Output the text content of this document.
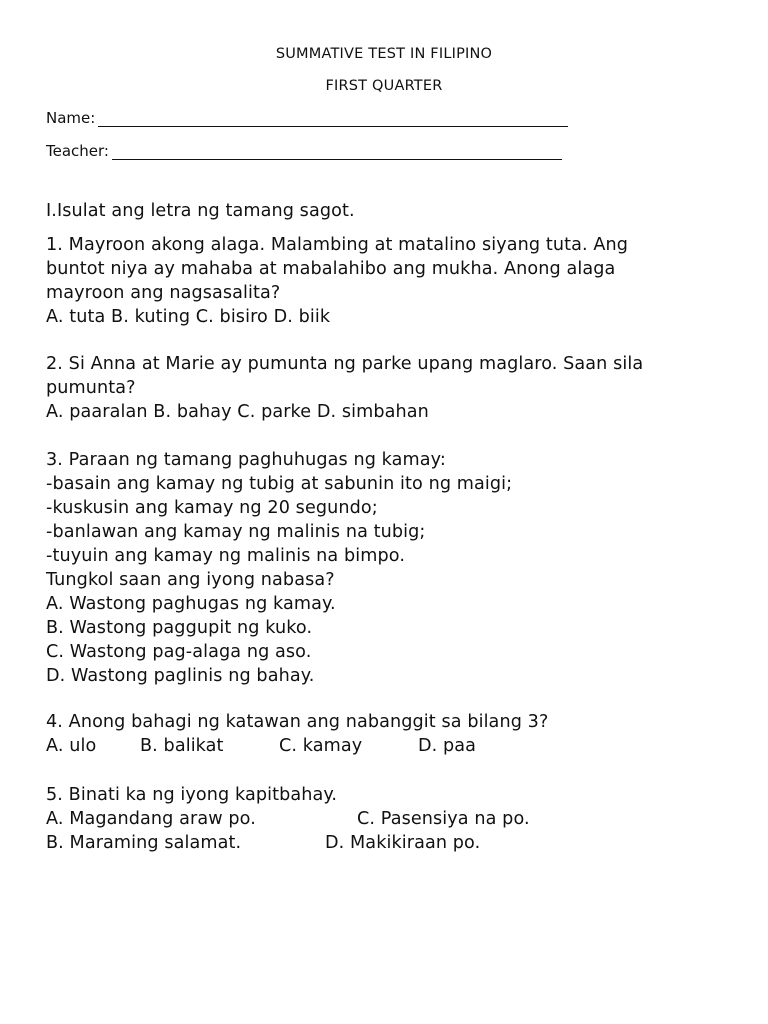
SUMMATIVE TEST IN FILIPINO
FIRST QUARTER
Name:
Teacher:
I.Isulat ang letra ng tamang sagot.
1. Mayroon akong alaga. Malambing at matalino siyang tuta. Ang
buntot niya ay mahaba at mabalahibo ang mukha. Anong alaga
mayroon ang nagsasalita?
A. tuta B. kuting C. bisiro D. biik
2. Si Anna at Marie ay pumunta ng parke upang maglaro. Saan sila
pumunta?
A. paaralan B. bahay C. parke D. simbahan
3. Paraan ng tamang paghuhugas ng kamay:
-basain ang kamay ng tubig at sabunin ito ng maigi;
-kuskusin ang kamay ng 20 segundo;
-banlawan ang kamay ng malinis na tubig;
-tuyuin ang kamay ng malinis na bimpo.
Tungkol saan ang iyong nabasa?
A. Wastong paghugas ng kamay.
B. Wastong paggupit ng kuko.
C. Wastong pag-alaga ng aso.
D. Wastong paglinis ng bahay.
4. Anong bahagi ng katawan ang nabanggit sa bilang 3?
A. ulo B. balikat	C. kamay	D. paa
5. Binati ka ng iyong kapitbahay.
A. Magandang araw po.	C. Pasensiya na po.
B. Maraming salamat.	D. Makikiraan po.
